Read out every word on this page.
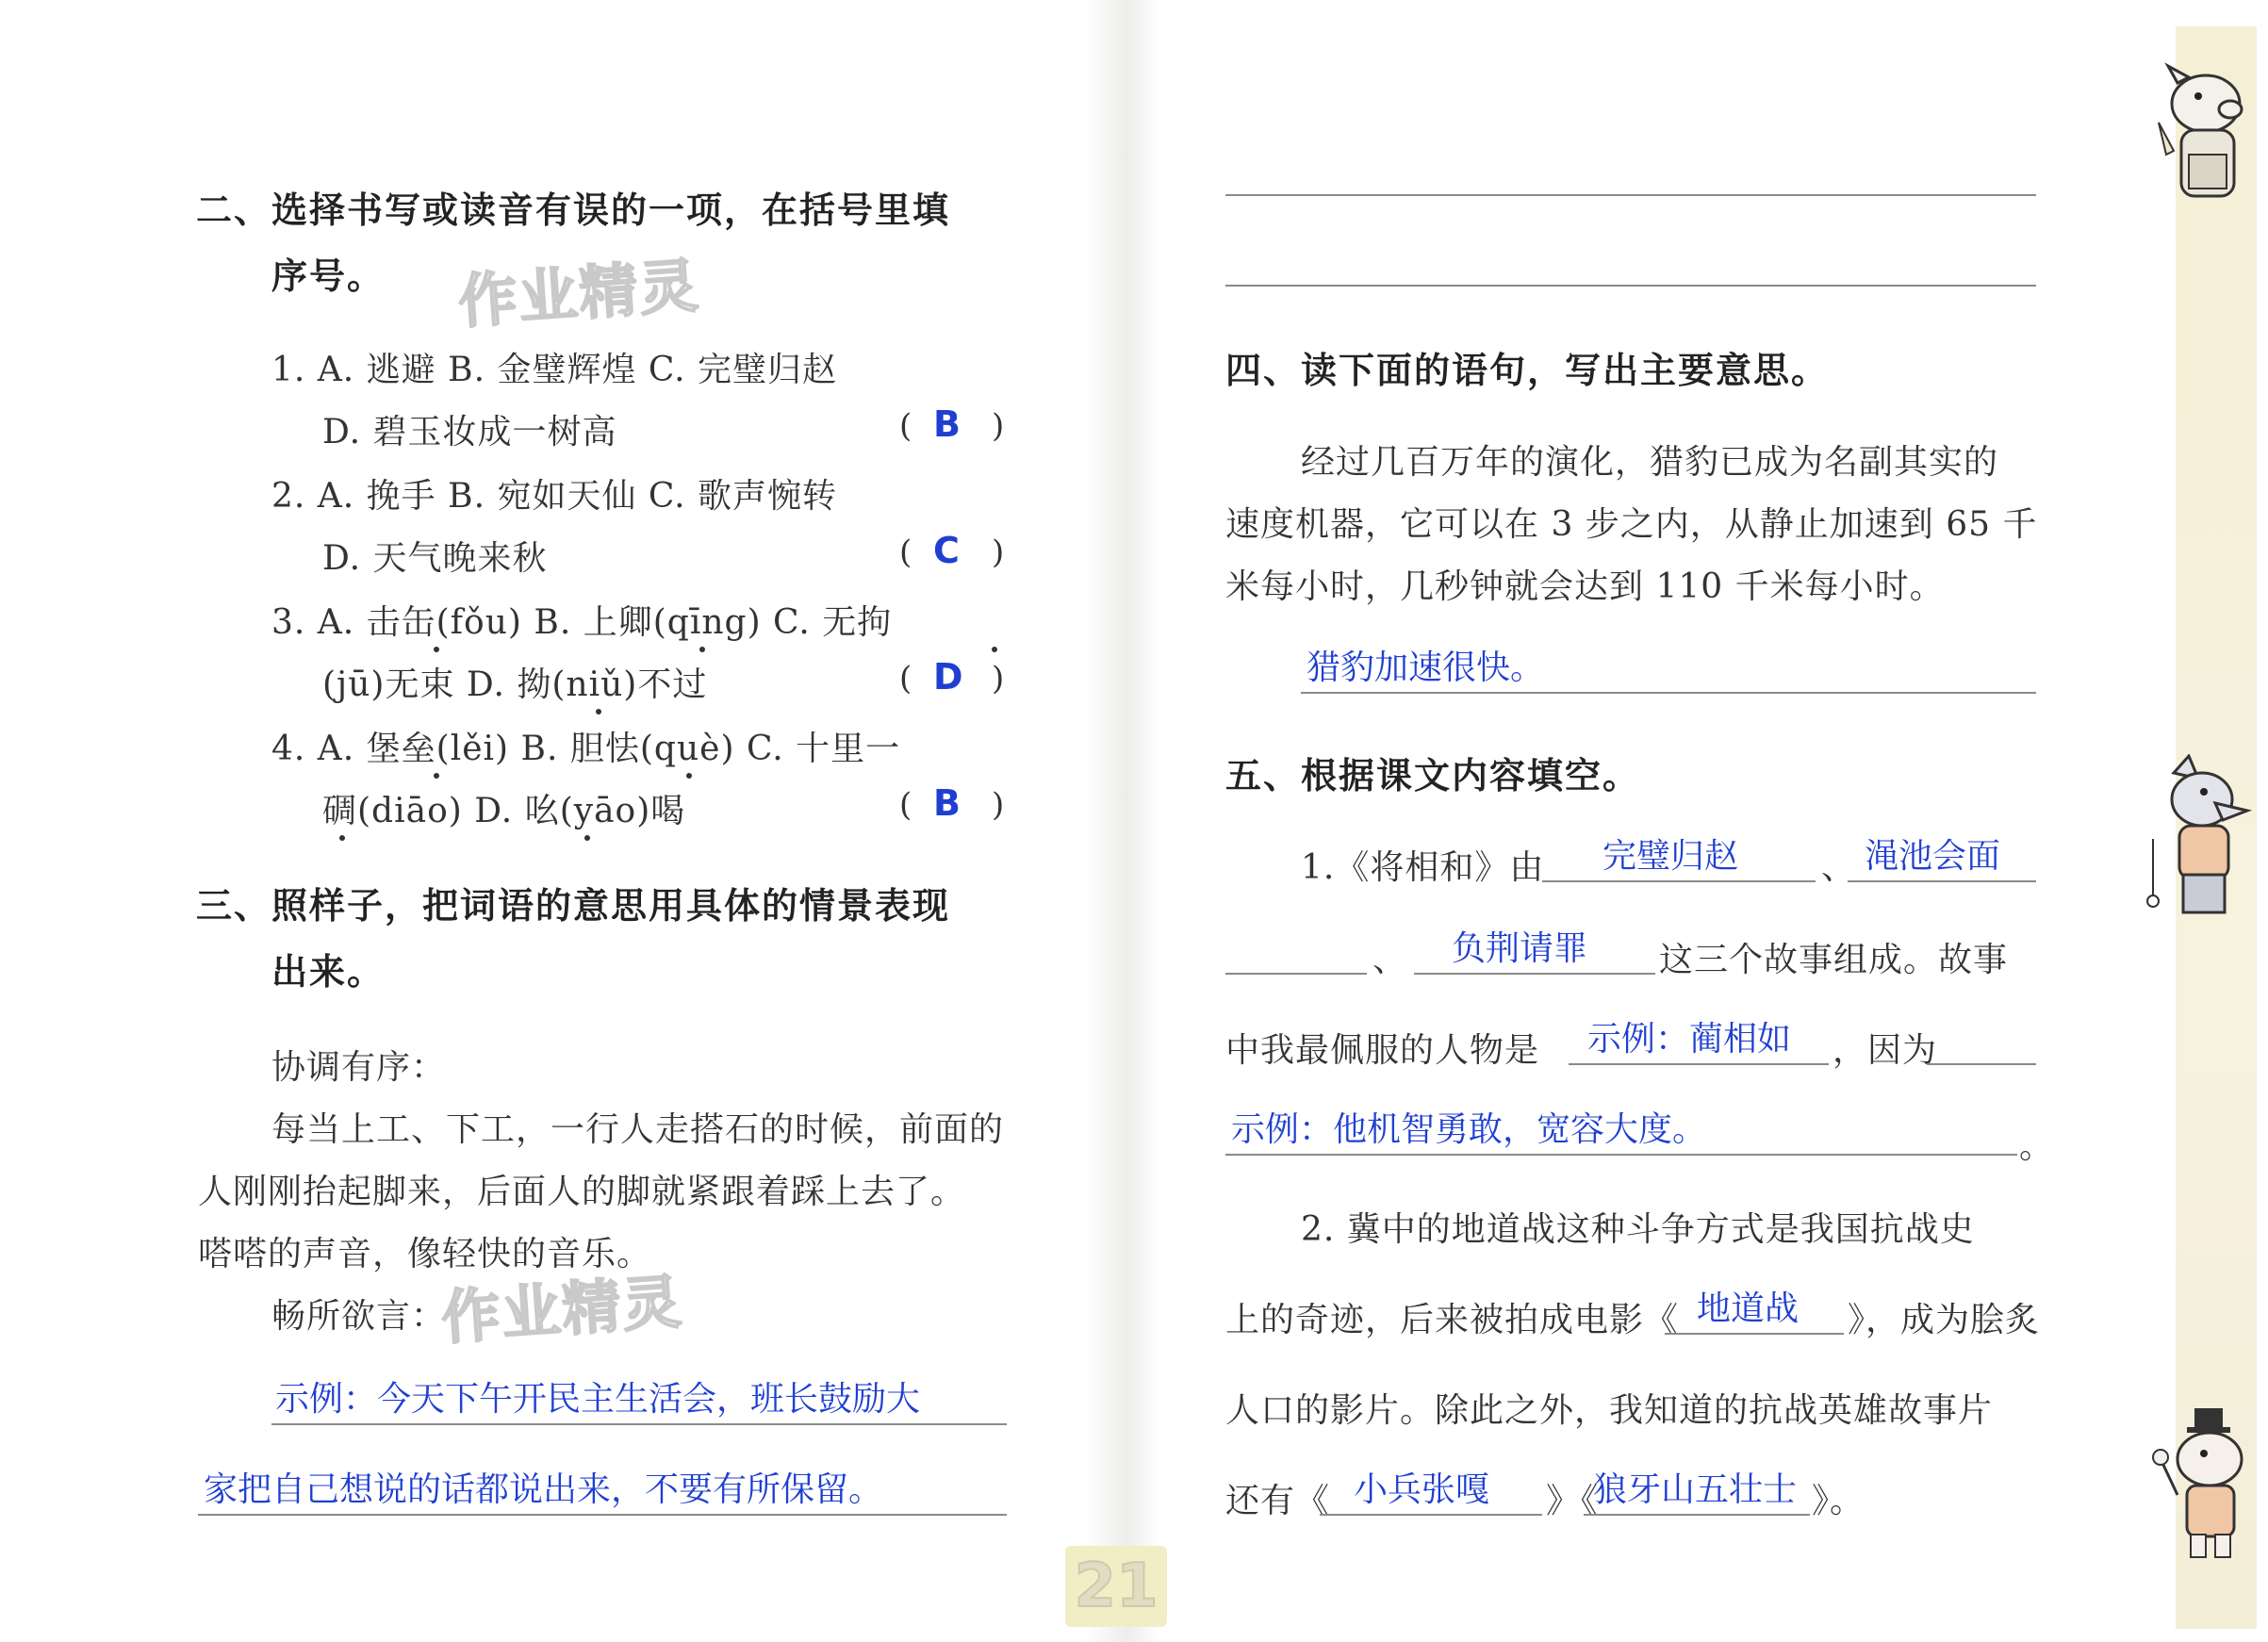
二、选择书写或读音有误的一项，在括号里填
序号。 作业精灵
1. A. 逃避 B. 金璧辉煌 C. 完璧归赵
D. 碧玉妆成一树高	( B )
2. A. 挽手 B. 宛如天仙 C. 歌声惋转
D. 天气晚来秋	( C )
3. A. 击缶(fǒu) B. 上卿(qīng) C. 无拘
(jū)无束 D. 拗(niǔ)不过	( D )
4. A. 堡垒(lěi) B. 胆怯(què) C. 十里一
碉(diāo) D. 吆(yāo)喝	( B )
三、照样子，把词语的意思用具体的情景表现
出来。
协调有序：
每当上工、下工，一行人走搭石的时候，前面的
人刚刚抬起脚来，后面人的脚就紧跟着踩上去了。
嗒嗒的声音，像轻快的音乐。
畅所欲言：
作业精灵
示例：今天下午开民主生活会，班长鼓励大
家把自己想说的话都说出来，不要有所保留。
四、读下面的语句，写出主要意思。
经过几百万年的演化，猎豹已成为名副其实的
速度机器，它可以在 3 步之内，从静止加速到 65 千
米每小时，几秒钟就会达到 110 千米每小时。
猎豹加速很快。
五、根据课文内容填空。
1.《将相和》由 完璧归赵 、 渑池会面
、 负荆请罪 这三个故事组成。故事
中我最佩服的人物是 示例：蔺相如 ，因为
示例：他机智勇敢，宽容大度。	。
2. 冀中的地道战这种斗争方式是我国抗战史
上的奇迹，后来被拍成电影《 地道战 》，成为脍炙
人口的影片。除此之外，我知道的抗战英雄故事片
还有《 小兵张嘎 》《
狼牙山五壮士 》。
21
